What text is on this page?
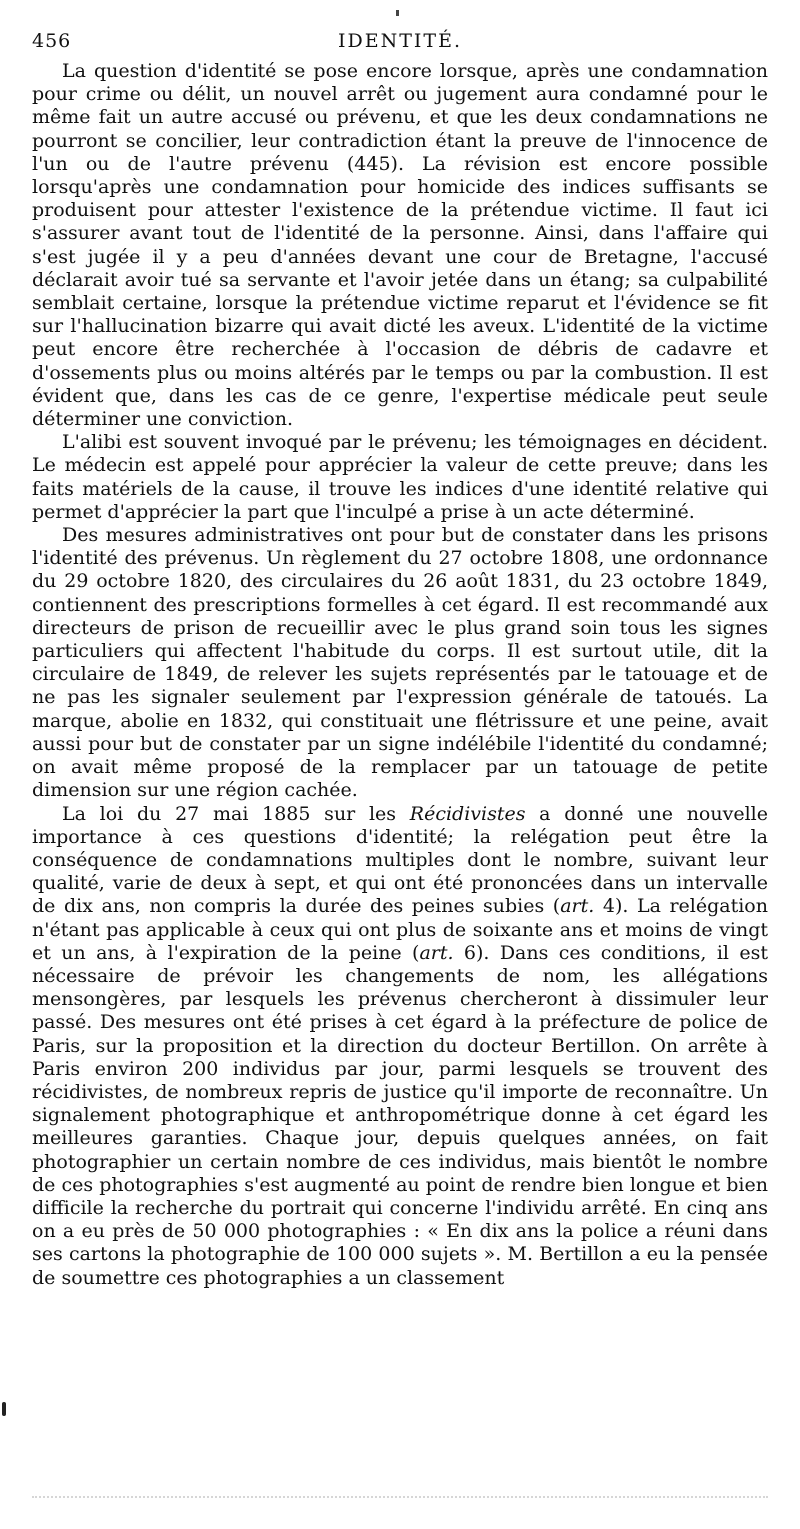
456	IDENTITÉ.

La question d'identité se pose encore lorsque, après une condamnation pour crime ou délit, un nouvel arrêt ou jugement aura condamné pour le même fait un autre accusé ou prévenu, et que les deux condamnations ne pourront se concilier, leur contradiction étant la preuve de l'innocence de l'un ou de l'autre prévenu (445). La révision est encore possible lorsqu'après une condamnation pour homicide des indices suffisants se produisent pour attester l'existence de la prétendue victime. Il faut ici s'assurer avant tout de l'identité de la personne. Ainsi, dans l'affaire qui s'est jugée il y a peu d'années devant une cour de Bretagne, l'accusé déclarait avoir tué sa servante et l'avoir jetée dans un étang; sa culpabilité semblait certaine, lorsque la prétendue victime reparut et l'évidence se fit sur l'hallucination bizarre qui avait dicté les aveux. L'identité de la victime peut encore être recherchée à l'occasion de débris de cadavre et d'ossements plus ou moins altérés par le temps ou par la combustion. Il est évident que, dans les cas de ce genre, l'expertise médicale peut seule déterminer une conviction.

L'alibi est souvent invoqué par le prévenu; les témoignages en décident. Le médecin est appelé pour apprécier la valeur de cette preuve; dans les faits matériels de la cause, il trouve les indices d'une identité relative qui permet d'apprécier la part que l'inculpé a prise à un acte déterminé.

Des mesures administratives ont pour but de constater dans les prisons l'identité des prévenus. Un règlement du 27 octobre 1808, une ordonnance du 29 octobre 1820, des circulaires du 26 août 1831, du 23 octobre 1849, contiennent des prescriptions formelles à cet égard. Il est recommandé aux directeurs de prison de recueillir avec le plus grand soin tous les signes particuliers qui affectent l'habitude du corps. Il est surtout utile, dit la circulaire de 1849, de relever les sujets représentés par le tatouage et de ne pas les signaler seulement par l'expression générale de tatoués. La marque, abolie en 1832, qui constituait une flétrissure et une peine, avait aussi pour but de constater par un signe indélébile l'identité du condamné; on avait même proposé de la remplacer par un tatouage de petite dimension sur une région cachée.

La loi du 27 mai 1885 sur les Récidivistes a donné une nouvelle importance à ces questions d'identité; la relégation peut être la conséquence de condamnations multiples dont le nombre, suivant leur qualité, varie de deux à sept, et qui ont été prononcées dans un intervalle de dix ans, non compris la durée des peines subies (art. 4). La relégation n'étant pas applicable à ceux qui ont plus de soixante ans et moins de vingt et un ans, à l'expiration de la peine (art. 6). Dans ces conditions, il est nécessaire de prévoir les changements de nom, les allégations mensongères, par lesquels les prévenus chercheront à dissimuler leur passé. Des mesures ont été prises à cet égard à la préfecture de police de Paris, sur la proposition et la direction du docteur Bertillon. On arrête à Paris environ 200 individus par jour, parmi lesquels se trouvent des récidivistes, de nombreux repris de justice qu'il importe de reconnaître. Un signalement photographique et anthropométrique donne à cet égard les meilleures garanties. Chaque jour, depuis quelques années, on fait photographier un certain nombre de ces individus, mais bientôt le nombre de ces photographies s'est augmenté au point de rendre bien longue et bien difficile la recherche du portrait qui concerne l'individu arrêté. En cinq ans on a eu près de 50 000 photographies : « En dix ans la police a réuni dans ses cartons la photographie de 100 000 sujets ». M. Bertillon a eu la pensée de soumettre ces photographies a un classement
